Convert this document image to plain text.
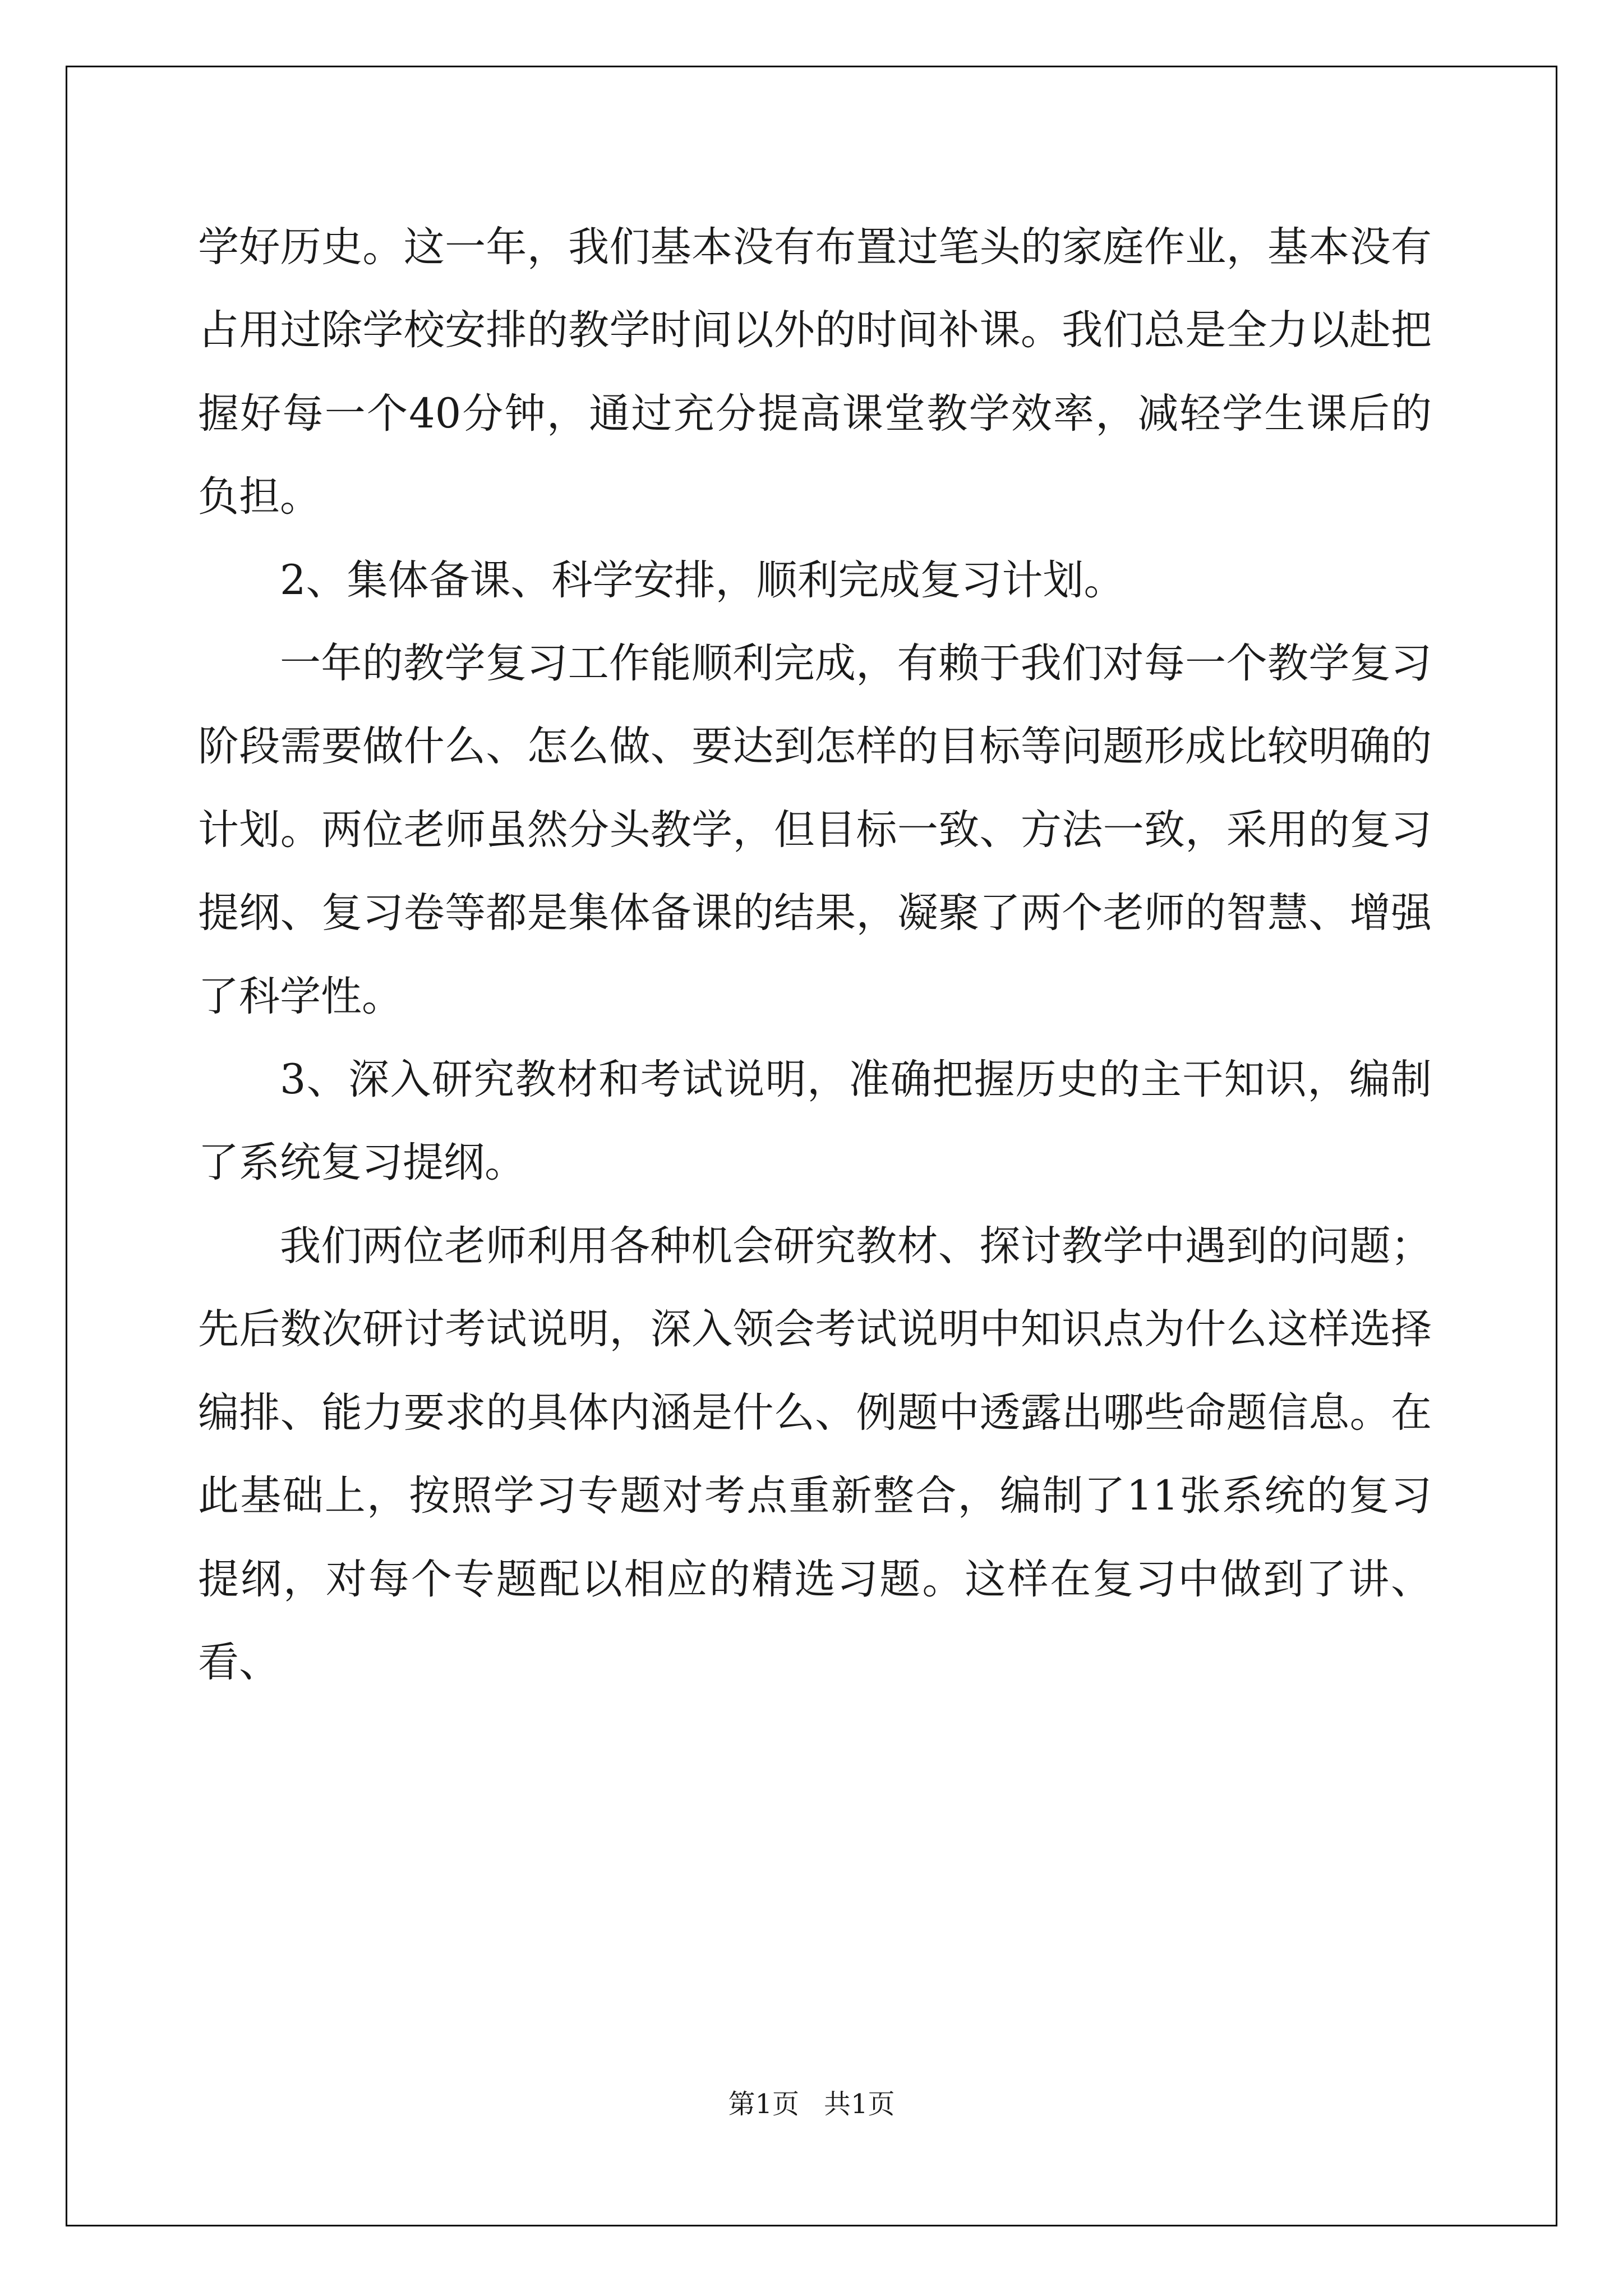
学好历史。这一年，我们基本没有布置过笔头的家庭作业，基本没有占用过除学校安排的教学时间以外的时间补课。我们总是全力以赴把握好每一个40分钟，通过充分提高课堂教学效率，减轻学生课后的负担。

2、集体备课、科学安排，顺利完成复习计划。

一年的教学复习工作能顺利完成，有赖于我们对每一个教学复习阶段需要做什么、怎么做、要达到怎样的目标等问题形成比较明确的计划。两位老师虽然分头教学，但目标一致、方法一致，采用的复习提纲、复习卷等都是集体备课的结果，凝聚了两个老师的智慧、增强了科学性。

3、深入研究教材和考试说明，准确把握历史的主干知识，编制了系统复习提纲。

我们两位老师利用各种机会研究教材、探讨教学中遇到的问题；先后数次研讨考试说明，深入领会考试说明中知识点为什么这样选择编排、能力要求的具体内涵是什么、例题中透露出哪些命题信息。在此基础上，按照学习专题对考点重新整合，编制了11张系统的复习提纲，对每个专题配以相应的精选习题。这样在复习中做到了讲、看、

第1页 共1页
